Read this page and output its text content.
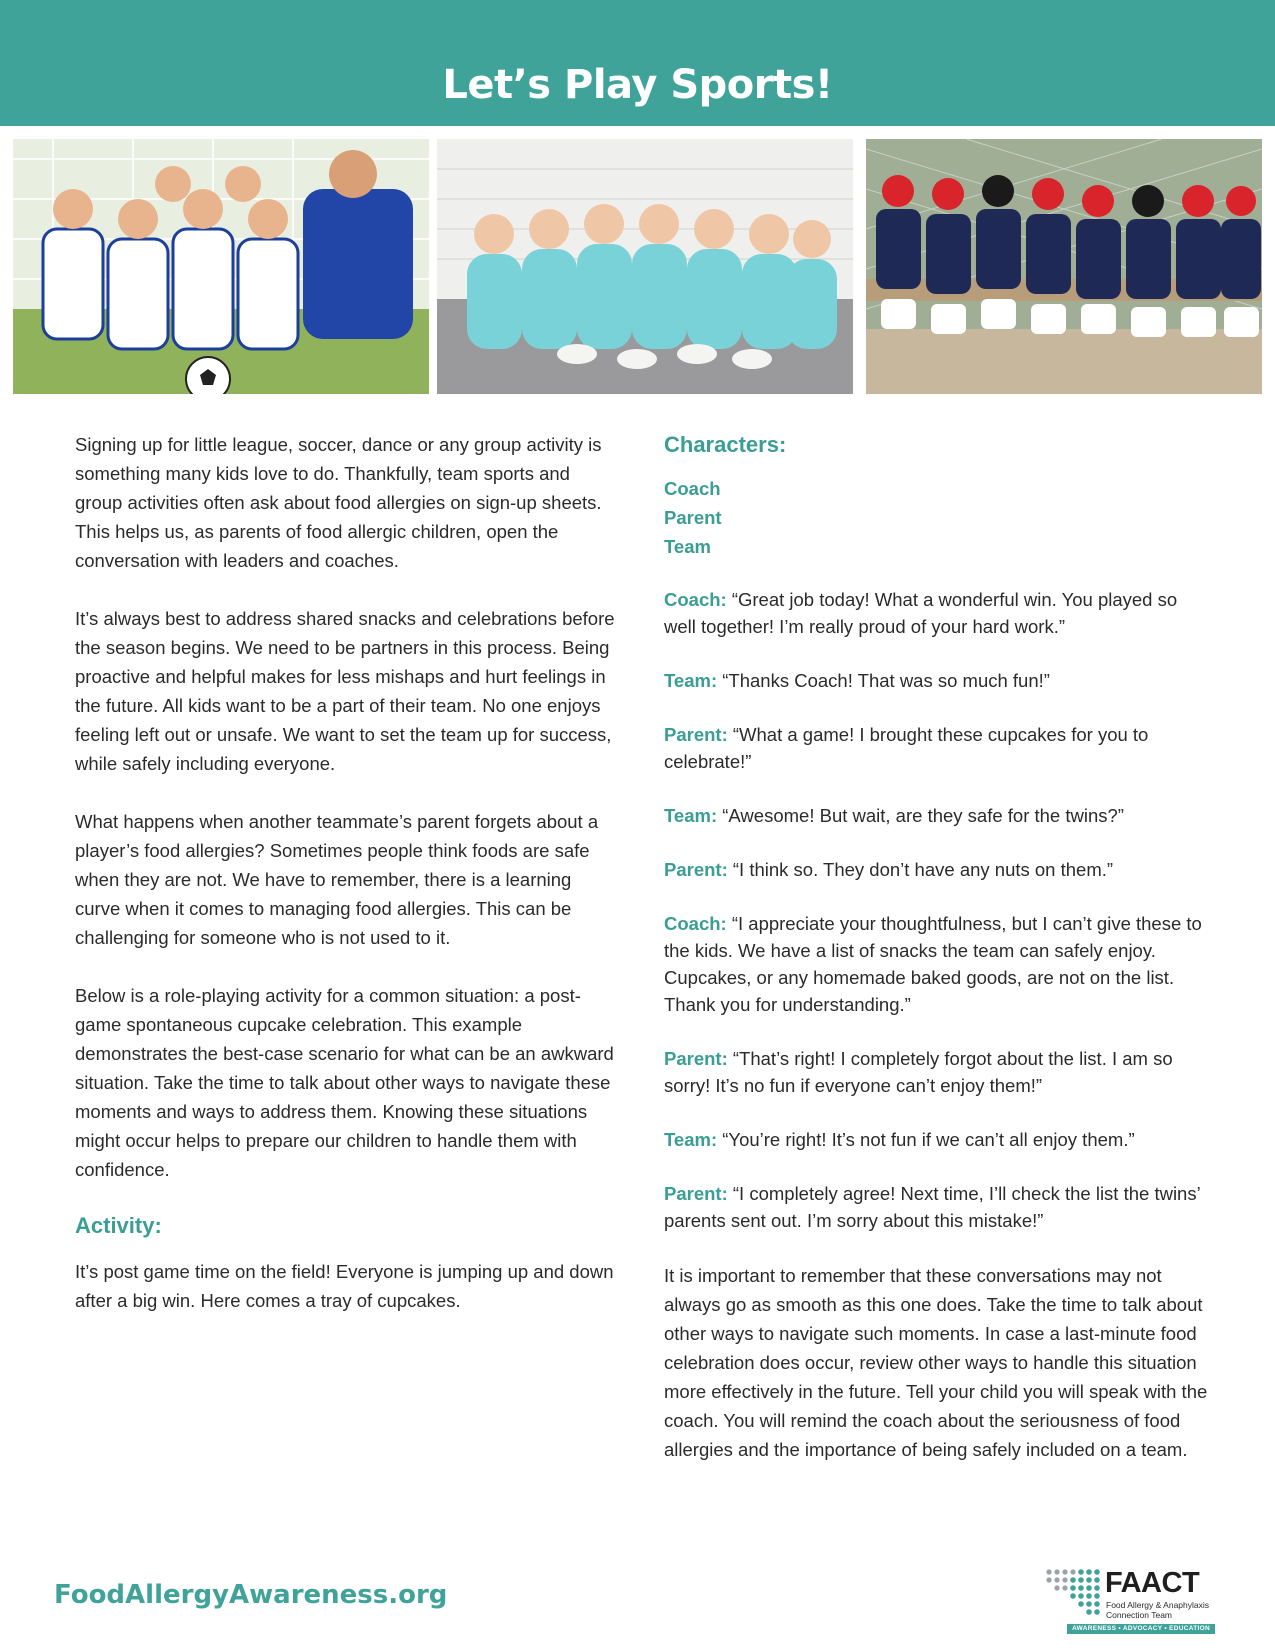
Let’s Play Sports!

Signing up for little league, soccer, dance or any group activity is something many kids love to do. Thankfully, team sports and group activities often ask about food allergies on sign-up sheets. This helps us, as parents of food allergic children, open the conversation with leaders and coaches.

It’s always best to address shared snacks and celebrations before the season begins. We need to be partners in this process. Being proactive and helpful makes for less mishaps and hurt feelings in the future. All kids want to be a part of their team. No one enjoys feeling left out or unsafe. We want to set the team up for success, while safely including everyone.

What happens when another teammate’s parent forgets about a player’s food allergies? Sometimes people think foods are safe when they are not. We have to remember, there is a learning curve when it comes to managing food allergies. This can be challenging for someone who is not used to it.

Below is a role-playing activity for a common situation: a post-game spontaneous cupcake celebration. This example demonstrates the best-case scenario for what can be an awkward situation. Take the time to talk about other ways to navigate these moments and ways to address them. Knowing these situations might occur helps to prepare our children to handle them with confidence.

Activity:

It’s post game time on the field! Everyone is jumping up and down after a big win. Here comes a tray of cupcakes.

Characters:
Coach
Parent
Team

Coach: “Great job today! What a wonderful win. You played so well together! I’m really proud of your hard work.”

Team: “Thanks Coach! That was so much fun!”

Parent: “What a game! I brought these cupcakes for you to celebrate!”

Team: “Awesome! But wait, are they safe for the twins?”

Parent: “I think so. They don’t have any nuts on them.”

Coach: “I appreciate your thoughtfulness, but I can’t give these to the kids. We have a list of snacks the team can safely enjoy. Cupcakes, or any homemade baked goods, are not on the list. Thank you for understanding.”

Parent: “That’s right! I completely forgot about the list. I am so sorry! It’s no fun if everyone can’t enjoy them!”

Team: “You’re right! It’s not fun if we can’t all enjoy them.”

Parent: “I completely agree! Next time, I’ll check the list the twins’ parents sent out. I’m sorry about this mistake!”

It is important to remember that these conversations may not always go as smooth as this one does. Take the time to talk about other ways to navigate such moments. In case a last-minute food celebration does occur, review other ways to handle this situation more effectively in the future. Tell your child you will speak with the coach. You will remind the coach about the seriousness of food allergies and the importance of being safely included on a team.

FoodAllergyAwareness.org	FAACT
Food Allergy & Anaphylaxis Connection Team
AWARENESS • ADVOCACY • EDUCATION
